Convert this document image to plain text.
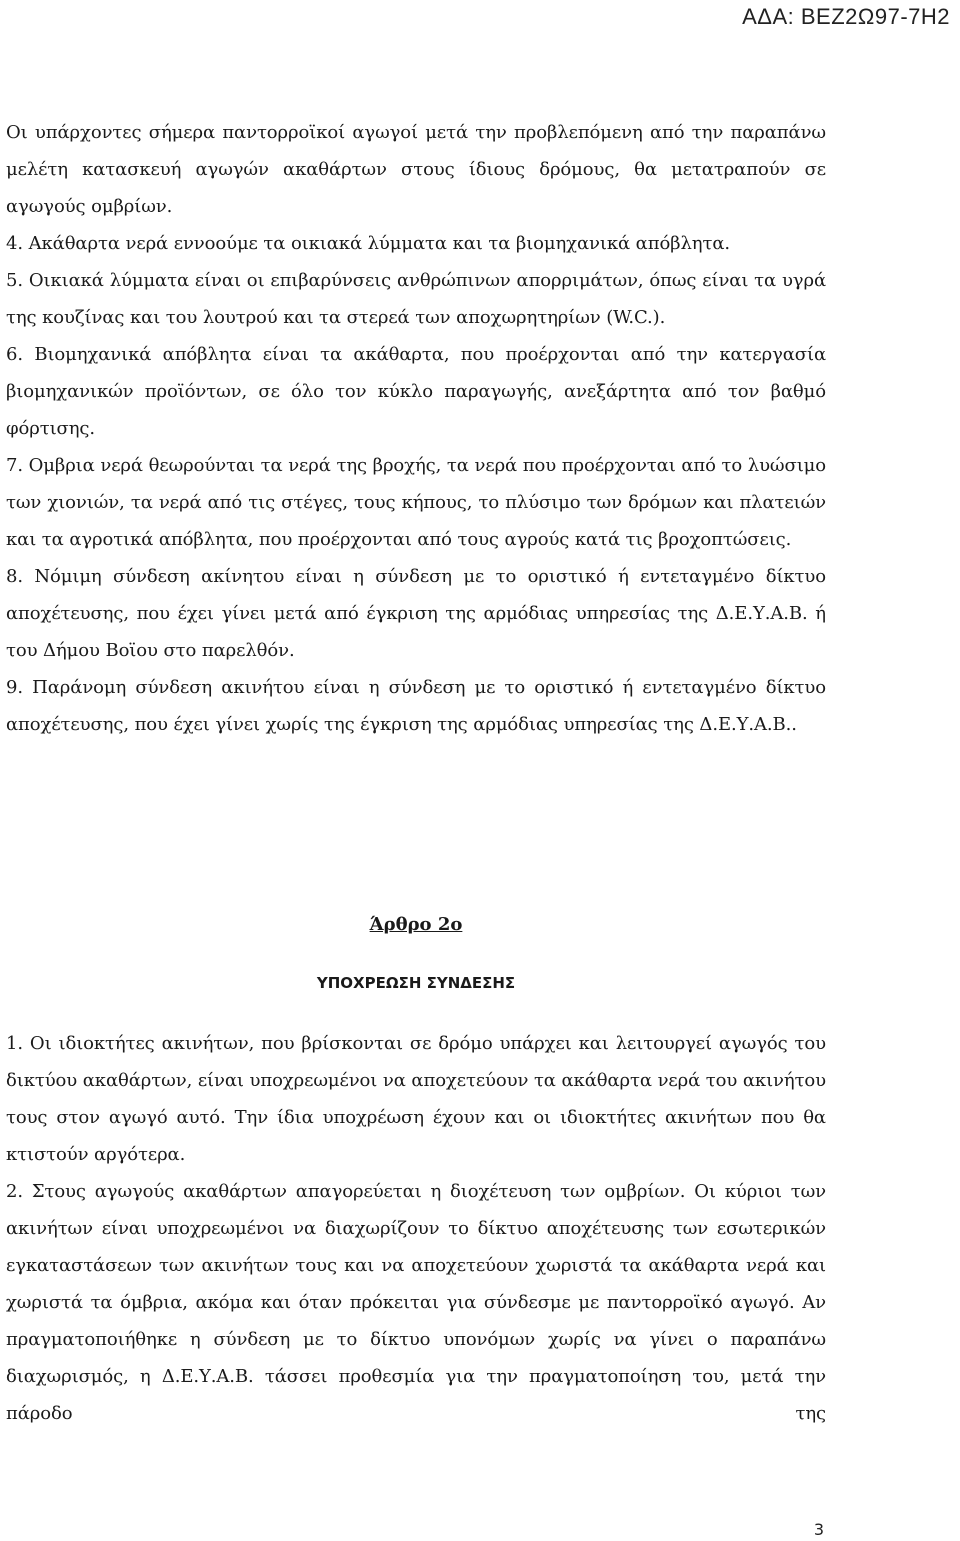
ΑΔΑ: ΒΕΖ2Ω97-7Η2

Οι υπάρχοντες σήμερα παντορροϊκοί αγωγοί μετά την προβλεπόμενη από την παραπάνω μελέτη κατασκευή αγωγών ακαθάρτων στους ίδιους δρόμους, θα μετατραπούν σε αγωγούς ομβρίων.

4. Ακάθαρτα νερά εννοούμε τα οικιακά λύμματα και τα βιομηχανικά απόβλητα.

5. Οικιακά λύμματα είναι οι επιβαρύνσεις ανθρώπινων απορριμάτων, όπως είναι τα υγρά της κουζίνας και του λουτρού και τα στερεά των αποχωρητηρίων (W.C.).

6. Βιομηχανικά απόβλητα είναι τα ακάθαρτα, που προέρχονται από την κατεργασία βιομηχανικών προϊόντων, σε όλο τον κύκλο παραγωγής, ανεξάρτητα από τον βαθμό φόρτισης.

7. Ομβρια νερά θεωρούνται τα νερά της βροχής, τα νερά που προέρχονται από το λυώσιμο των χιονιών, τα νερά από τις στέγες, τους κήπους, το πλύσιμο των δρόμων και πλατειών και τα αγροτικά απόβλητα, που προέρχονται από τους αγρούς κατά τις βροχοπτώσεις.

8. Νόμιμη σύνδεση ακίνητου είναι η σύνδεση με το οριστικό ή εντεταγμένο δίκτυο αποχέτευσης, που έχει γίνει μετά από έγκριση της αρμόδιας υπηρεσίας της Δ.Ε.Υ.Α.Β. ή του Δήμου Βοϊου στο παρελθόν.

9. Παράνομη σύνδεση ακινήτου είναι η σύνδεση με το οριστικό ή εντεταγμένο δίκτυο αποχέτευσης, που έχει γίνει χωρίς της έγκριση της αρμόδιας υπηρεσίας της Δ.Ε.Υ.Α.Β..

Άρθρο 2ο
ΥΠΟΧΡΕΩΣΗ ΣΥΝΔΕΣΗΣ

1. Οι ιδιοκτήτες ακινήτων, που βρίσκονται σε δρόμο υπάρχει και λειτουργεί αγωγός του δικτύου ακαθάρτων, είναι υποχρεωμένοι να αποχετεύουν τα ακάθαρτα νερά του ακινήτου τους στον αγωγό αυτό. Την ίδια υποχρέωση έχουν και οι ιδιοκτήτες ακινήτων που θα κτιστούν αργότερα.

2. Στους αγωγούς ακαθάρτων απαγορεύεται η διοχέτευση των ομβρίων. Οι κύριοι των ακινήτων είναι υποχρεωμένοι να διαχωρίζουν το δίκτυο αποχέτευσης των εσωτερικών εγκαταστάσεων των ακινήτων τους και να αποχετεύουν χωριστά τα ακάθαρτα νερά και χωριστά τα όμβρια, ακόμα και όταν πρόκειται για σύνδεσμε με παντορροϊκό αγωγό. Αν πραγματοποιήθηκε η σύνδεση με το δίκτυο υπονόμων χωρίς να γίνει ο παραπάνω διαχωρισμός, η Δ.Ε.Υ.Α.Β. τάσσει προθεσμία για την πραγματοποίηση του, μετά την πάροδο της

3
